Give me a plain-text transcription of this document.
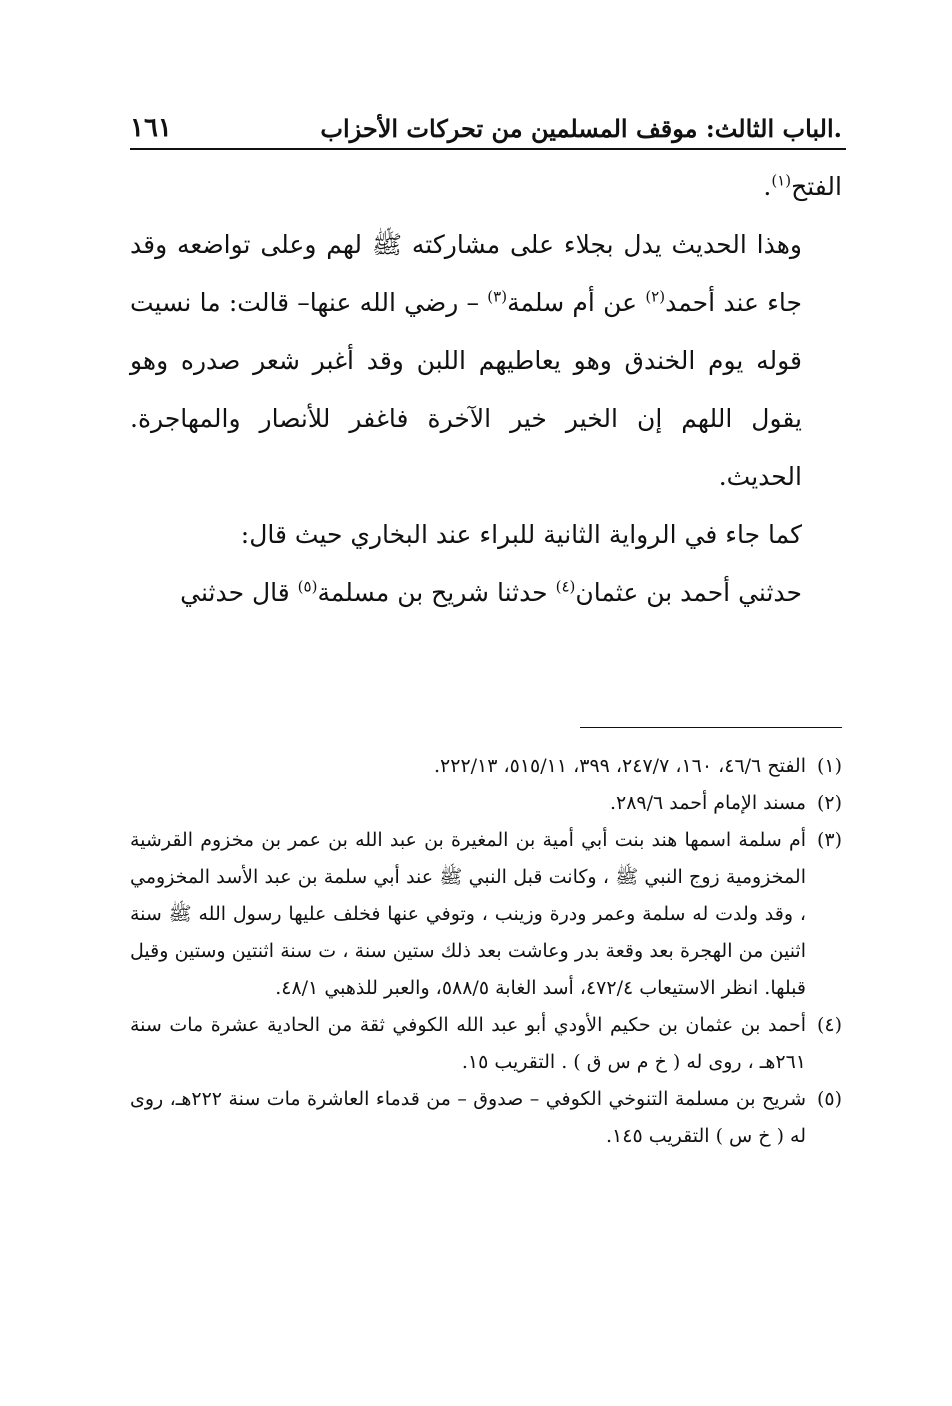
الباب الثالث: موقف المسلمين من تحركات الأحزاب.
١٦١

الفتح$^{(١)}$.

وهذا الحديث يدل بجلاء على مشاركته ﷺ لهم وعلى تواضعه وقد جاء عند أحمد$^{(٢)}$ عن أم سلمة$^{(٣)}$ – رضي الله عنها– قالت: ما نسيت قوله يوم الخندق وهو يعاطيهم اللبن وقد أغبر شعر صدره وهو يقول اللهم إن الخير خير الآخرة فاغفر للأنصار والمهاجرة. الحديث.

كما جاء في الرواية الثانية للبراء عند البخاري حيث قال:

حدثني أحمد بن عثمان$^{(٤)}$ حدثنا شريح بن مسلمة$^{(٥)}$ قال حدثني

(١)
الفتح ٤٦/٦، ١٦٠، ٢٤٧/٧، ٣٩٩، ٥١٥/١١، ٢٢٢/١٣.
(٢)
مسند الإمام أحمد ٢٨٩/٦.
(٣)
أم سلمة اسمها هند بنت أبي أمية بن المغيرة بن عبد الله بن عمر بن مخزوم القرشية المخزومية زوج النبي ﷺ ، وكانت قبل النبي ﷺ عند أبي سلمة بن عبد الأسد المخزومي ، وقد ولدت له سلمة وعمر ودرة وزينب ، وتوفي عنها فخلف عليها رسول الله ﷺ سنة اثنين من الهجرة بعد وقعة بدر وعاشت بعد ذلك ستين سنة ، ت سنة اثنتين وستين وقيل قبلها. انظر الاستيعاب ٤٧٢/٤، أسد الغابة ٥٨٨/٥، والعبر للذهبي ٤٨/١.
(٤)
أحمد بن عثمان بن حكيم الأودي أبو عبد الله الكوفي ثقة من الحادية عشرة مات سنة ٢٦١هـ ، روى له ( خ م س ق ) . التقريب ١٥.
(٥)
شريح بن مسلمة التنوخي الكوفي – صدوق – من قدماء العاشرة مات سنة ٢٢٢هـ، روى له ( خ س ) التقريب ١٤٥.
